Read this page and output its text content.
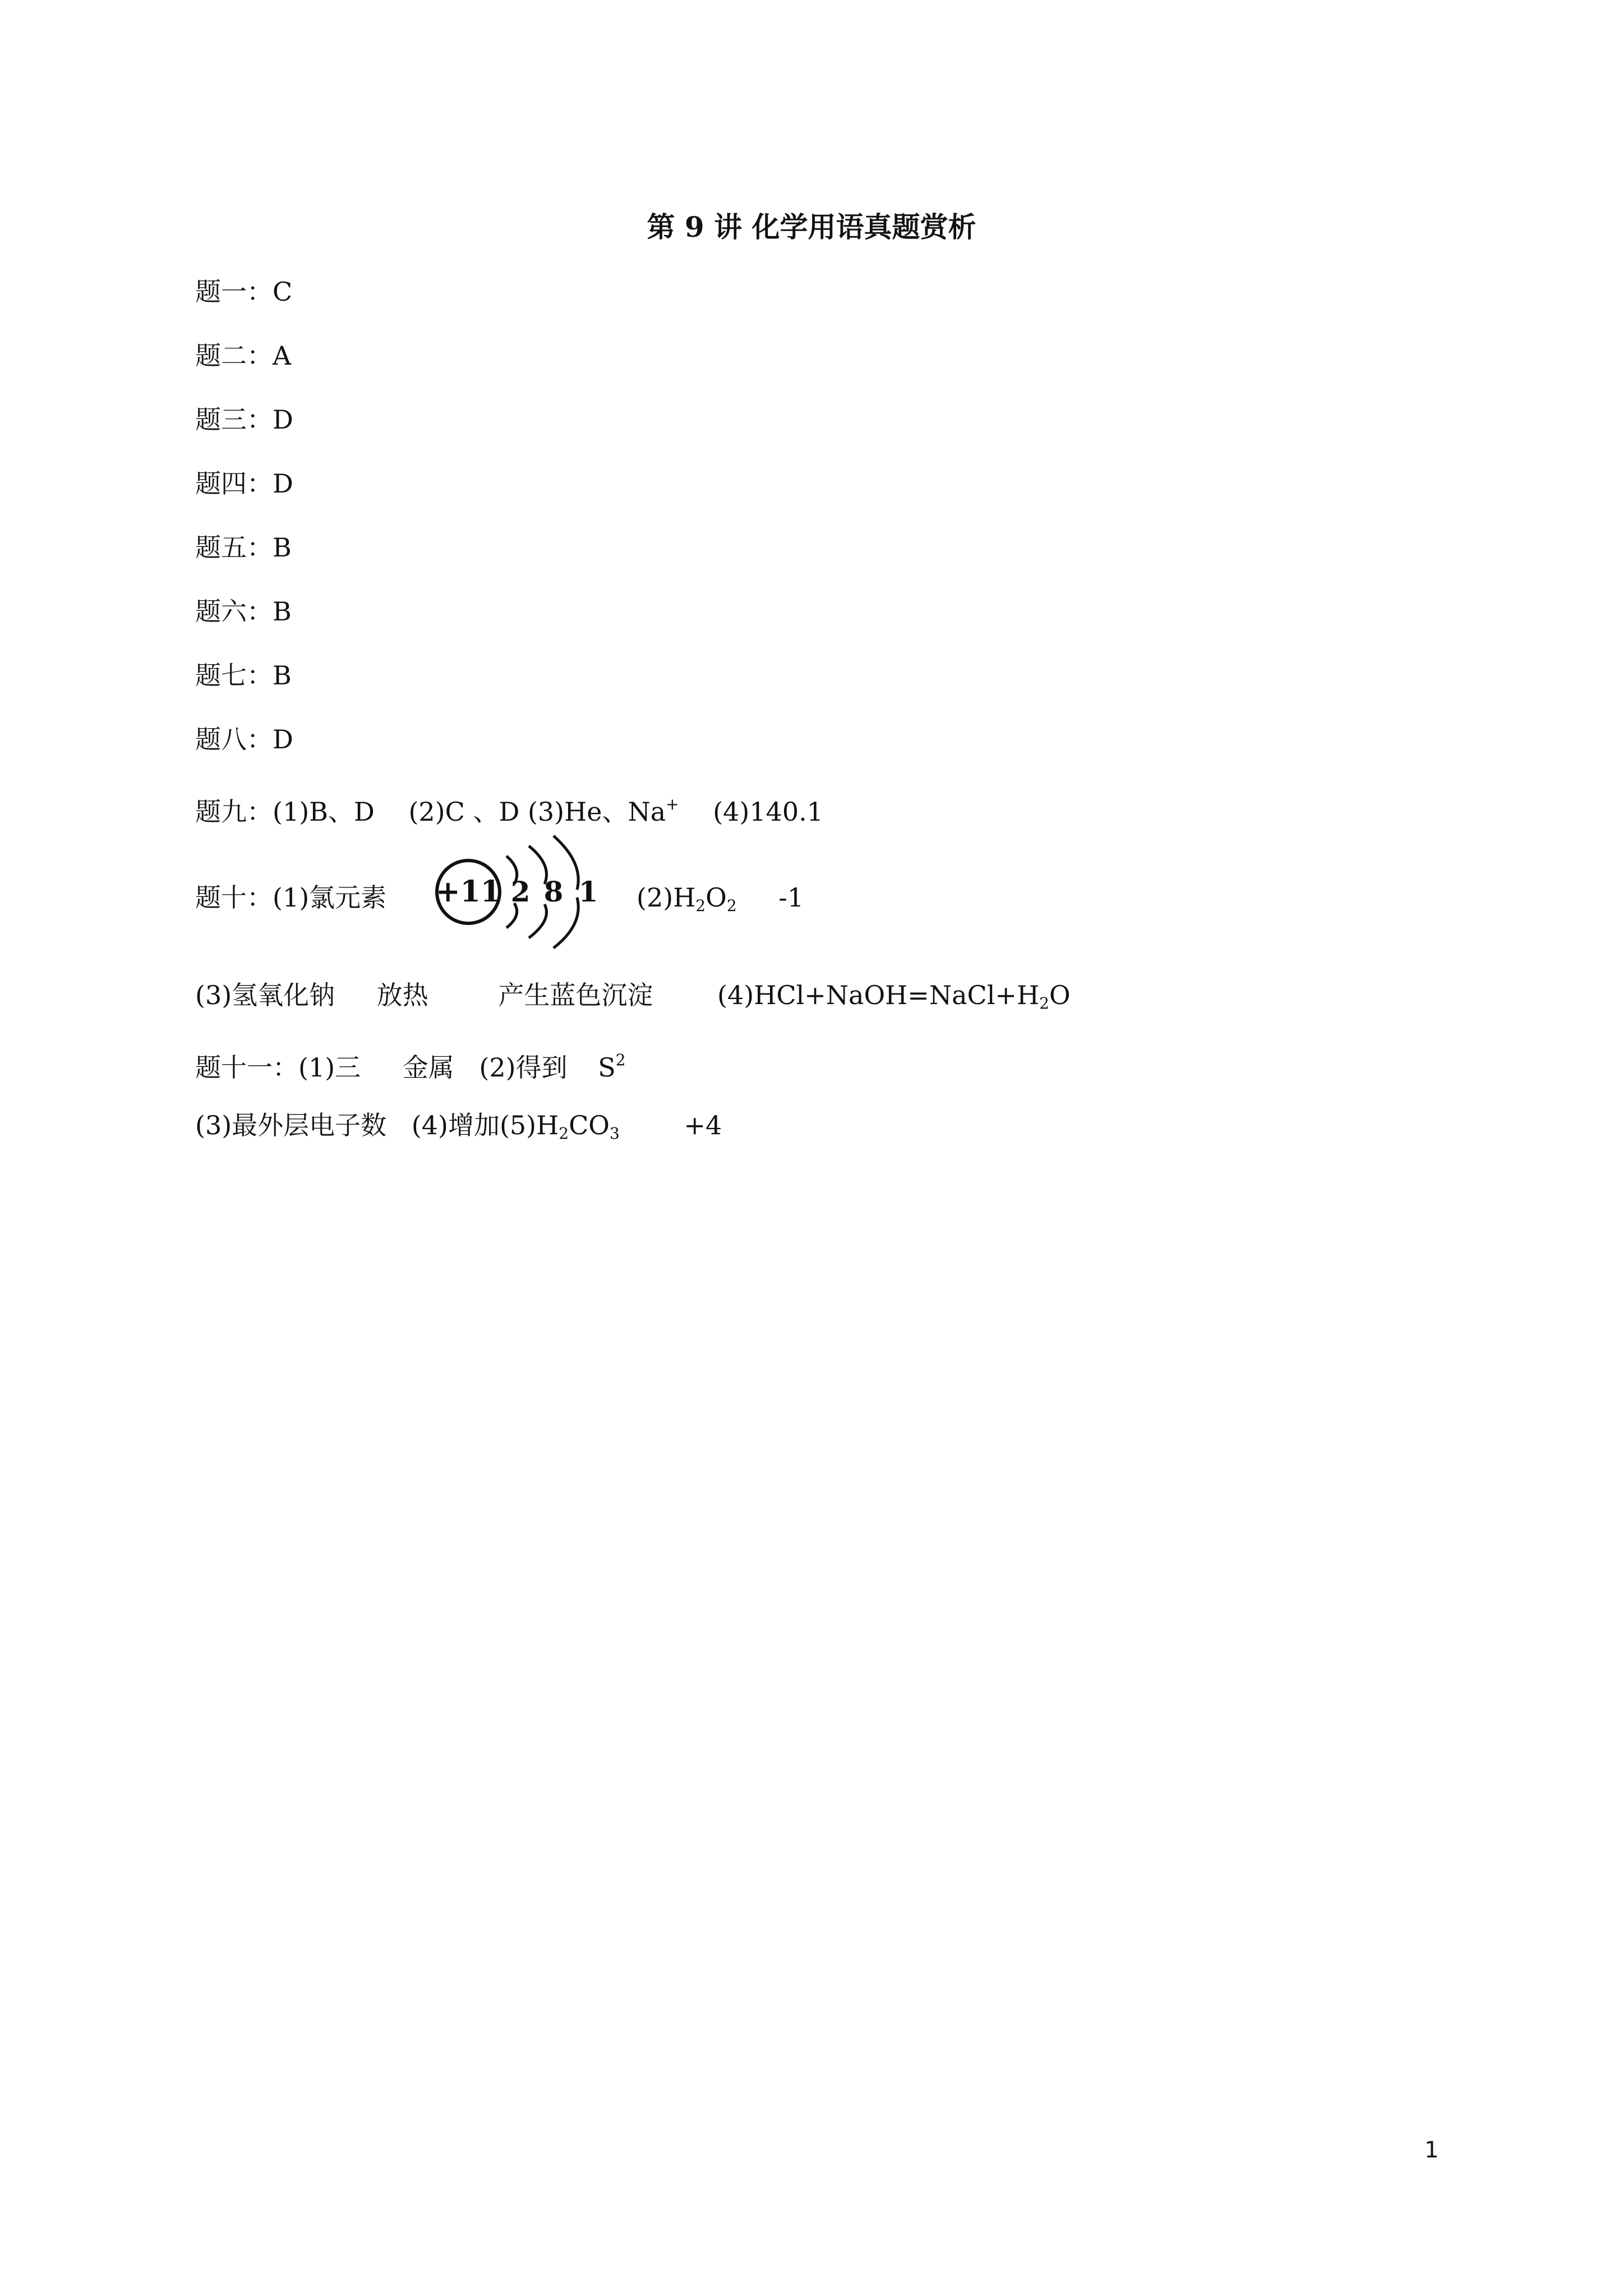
第 9 讲 化学用语真题赏析
题一：C
题二：A
题三：D
题四：D
题五：B
题六：B
题七：B
题八：D
题九：(1)B、D (2)C 、D (3)He、Na+ (4)140.1
题十：(1)氯元素 +11 2 8 1 $(2)H_2O_2$ -1
(3)氢氧化钠 放热	产生蓝色沉淀 $(4)HCl+NaOH=NaCl+H_2O$
题十一：(1)三 金属 (2)得到 $S^2$
(3)最外层电子数 (4)增加$(5)H_2CO_3 +4$
1
